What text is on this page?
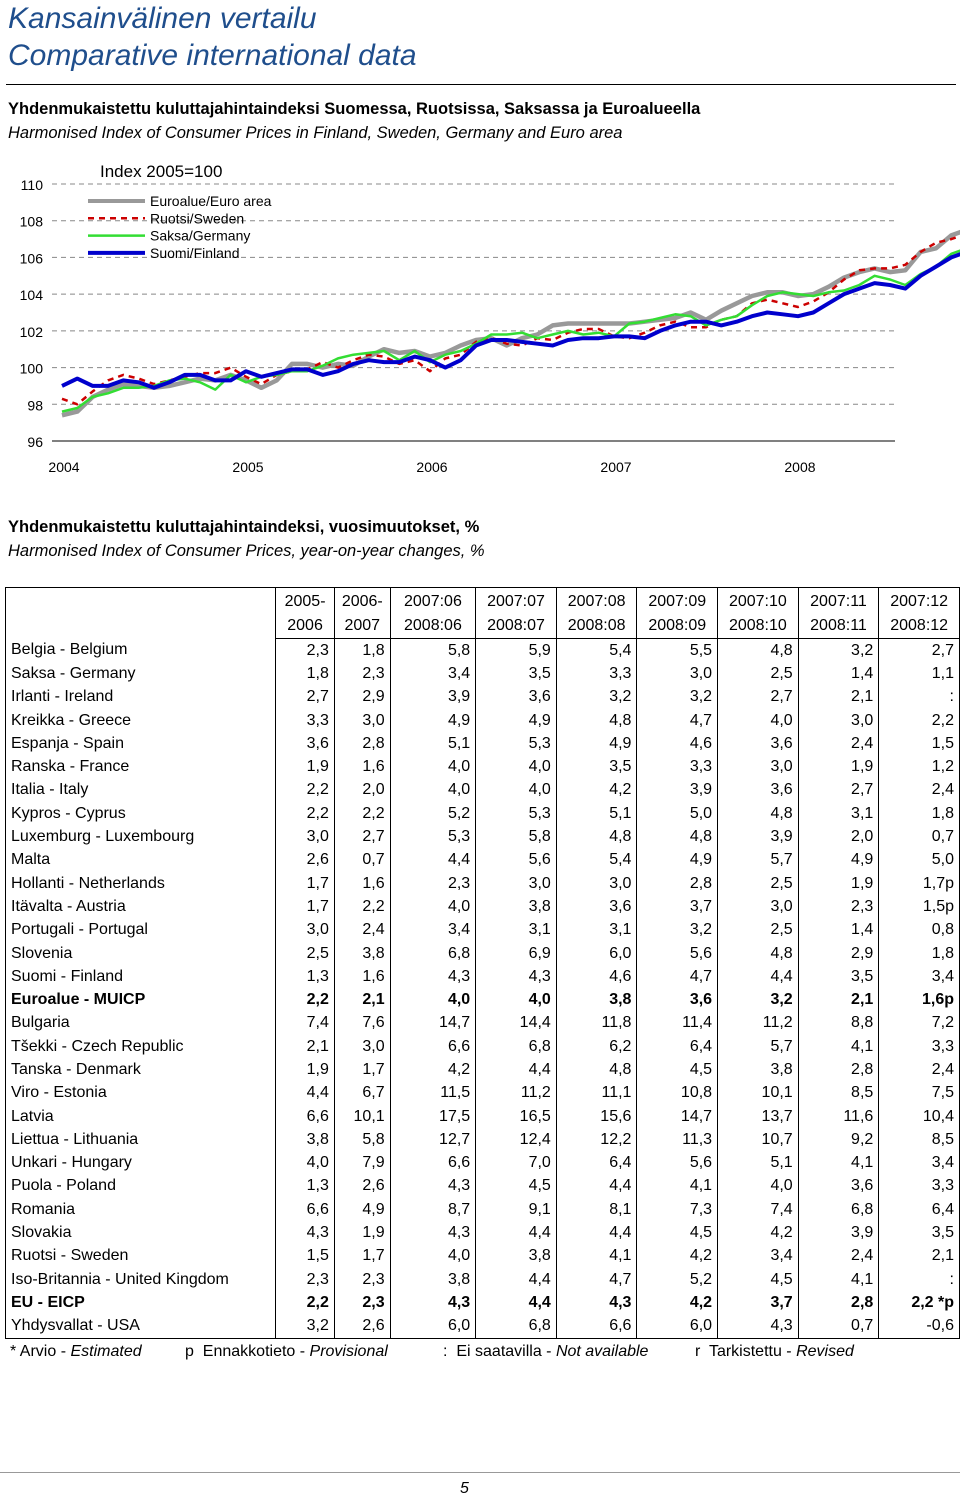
Kansainvälinen vertailu
Comparative international data
Yhdenmukaistettu kuluttajahintaindeksi Suomessa, Ruotsissa, Saksassa ja Euroalueella
Harmonised Index of Consumer Prices in Finland, Sweden, Germany and Euro area
96
98
100
102
104
106
108
110
2004	2005	2006	2007	2008
Index 2005=100
Euroalue/Euro area
Ruotsi/Sweden
Saksa/Germany
Suomi/Finland
Yhdenmukaistettu kuluttajahintaindeksi, vuosimuutokset, %
Harmonised Index of Consumer Prices, year-on-year changes, %
	2005-	2006-	2007:06	2007:07	2007:08	2007:09	2007:10	2007:11	2007:12
	2006	2007	2008:06	2008:07	2008:08	2008:09	2008:10	2008:11	2008:12
Belgia - Belgium	2,3	1,8	5,8	5,9	5,4	5,5	4,8	3,2	2,7
Saksa - Germany	1,8	2,3	3,4	3,5	3,3	3,0	2,5	1,4	1,1
Irlanti - Ireland	2,7	2,9	3,9	3,6	3,2	3,2	2,7	2,1	:
Kreikka - Greece	3,3	3,0	4,9	4,9	4,8	4,7	4,0	3,0	2,2
Espanja - Spain	3,6	2,8	5,1	5,3	4,9	4,6	3,6	2,4	1,5
Ranska - France	1,9	1,6	4,0	4,0	3,5	3,3	3,0	1,9	1,2
Italia - Italy	2,2	2,0	4,0	4,0	4,2	3,9	3,6	2,7	2,4
Kypros - Cyprus	2,2	2,2	5,2	5,3	5,1	5,0	4,8	3,1	1,8
Luxemburg - Luxembourg	3,0	2,7	5,3	5,8	4,8	4,8	3,9	2,0	0,7
Malta	2,6	0,7	4,4	5,6	5,4	4,9	5,7	4,9	5,0
Hollanti - Netherlands	1,7	1,6	2,3	3,0	3,0	2,8	2,5	1,9	1,7p
Itävalta - Austria	1,7	2,2	4,0	3,8	3,6	3,7	3,0	2,3	1,5p
Portugali - Portugal	3,0	2,4	3,4	3,1	3,1	3,2	2,5	1,4	0,8
Slovenia	2,5	3,8	6,8	6,9	6,0	5,6	4,8	2,9	1,8
Suomi - Finland	1,3	1,6	4,3	4,3	4,6	4,7	4,4	3,5	3,4
Euroalue - MUICP	2,2	2,1	4,0	4,0	3,8	3,6	3,2	2,1	1,6p
Bulgaria	7,4	7,6	14,7	14,4	11,8	11,4	11,2	8,8	7,2
Tšekki - Czech Republic	2,1	3,0	6,6	6,8	6,2	6,4	5,7	4,1	3,3
Tanska - Denmark	1,9	1,7	4,2	4,4	4,8	4,5	3,8	2,8	2,4
Viro - Estonia	4,4	6,7	11,5	11,2	11,1	10,8	10,1	8,5	7,5
Latvia	6,6	10,1	17,5	16,5	15,6	14,7	13,7	11,6	10,4
Liettua - Lithuania	3,8	5,8	12,7	12,4	12,2	11,3	10,7	9,2	8,5
Unkari - Hungary	4,0	7,9	6,6	7,0	6,4	5,6	5,1	4,1	3,4
Puola - Poland	1,3	2,6	4,3	4,5	4,4	4,1	4,0	3,6	3,3
Romania	6,6	4,9	8,7	9,1	8,1	7,3	7,4	6,8	6,4
Slovakia	4,3	1,9	4,3	4,4	4,4	4,5	4,2	3,9	3,5
Ruotsi - Sweden	1,5	1,7	4,0	3,8	4,1	4,2	3,4	2,4	2,1
Iso-Britannia - United Kingdom	2,3	2,3	3,8	4,4	4,7	5,2	4,5	4,1	:
EU - EICP	2,2	2,3	4,3	4,4	4,3	4,2	3,7	2,8	2,2 *p
Yhdysvallat - USA	3,2	2,6	6,0	6,8	6,6	6,0	4,3	0,7	-0,6
* Arvio - Estimated	p Ennakkotieto - Provisional	: Ei saatavilla - Not available	r Tarkistettu - Revised
5
